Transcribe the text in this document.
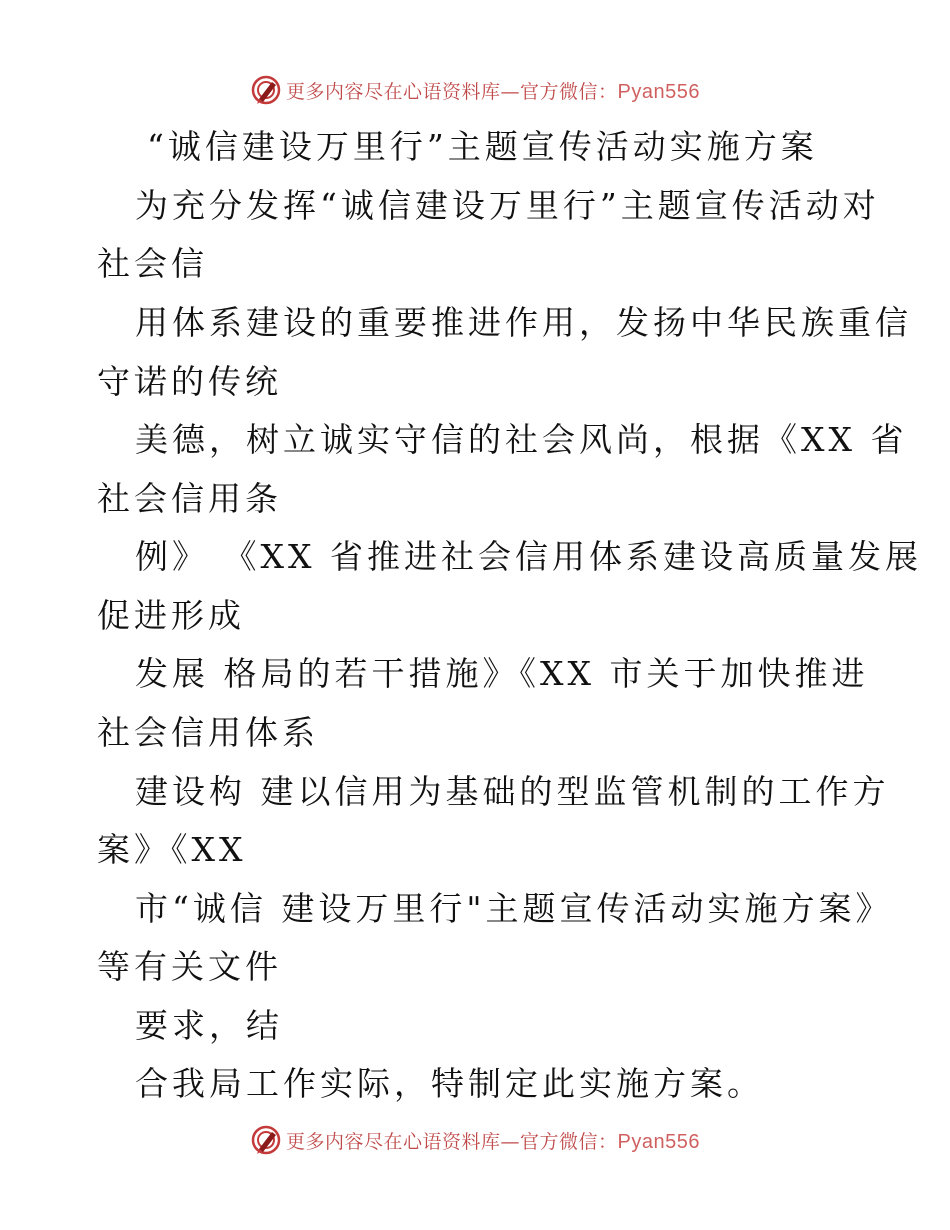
更多内容尽在心语资料库—官方微信：Pyan556
“诚信建设万里行”主题宣传活动实施方案
为充分发挥“诚信建设万里行”主题宣传活动对
社会信
用体系建设的重要推进作用，发扬中华民族重信
守诺的传统
美德，树立诚实守信的社会风尚，根据《XX 省
社会信用条
例》 《XX 省推进社会信用体系建设高质量发展
促进形成
发展 格局的若干措施》《XX 市关于加快推进
社会信用体系
建设构 建以信用为基础的型监管机制的工作方
案》《XX
市“诚信 建设万里行"主题宣传活动实施方案》
等有关文件
要求，结
合我局工作实际，特制定此实施方案。
更多内容尽在心语资料库—官方微信：Pyan556
